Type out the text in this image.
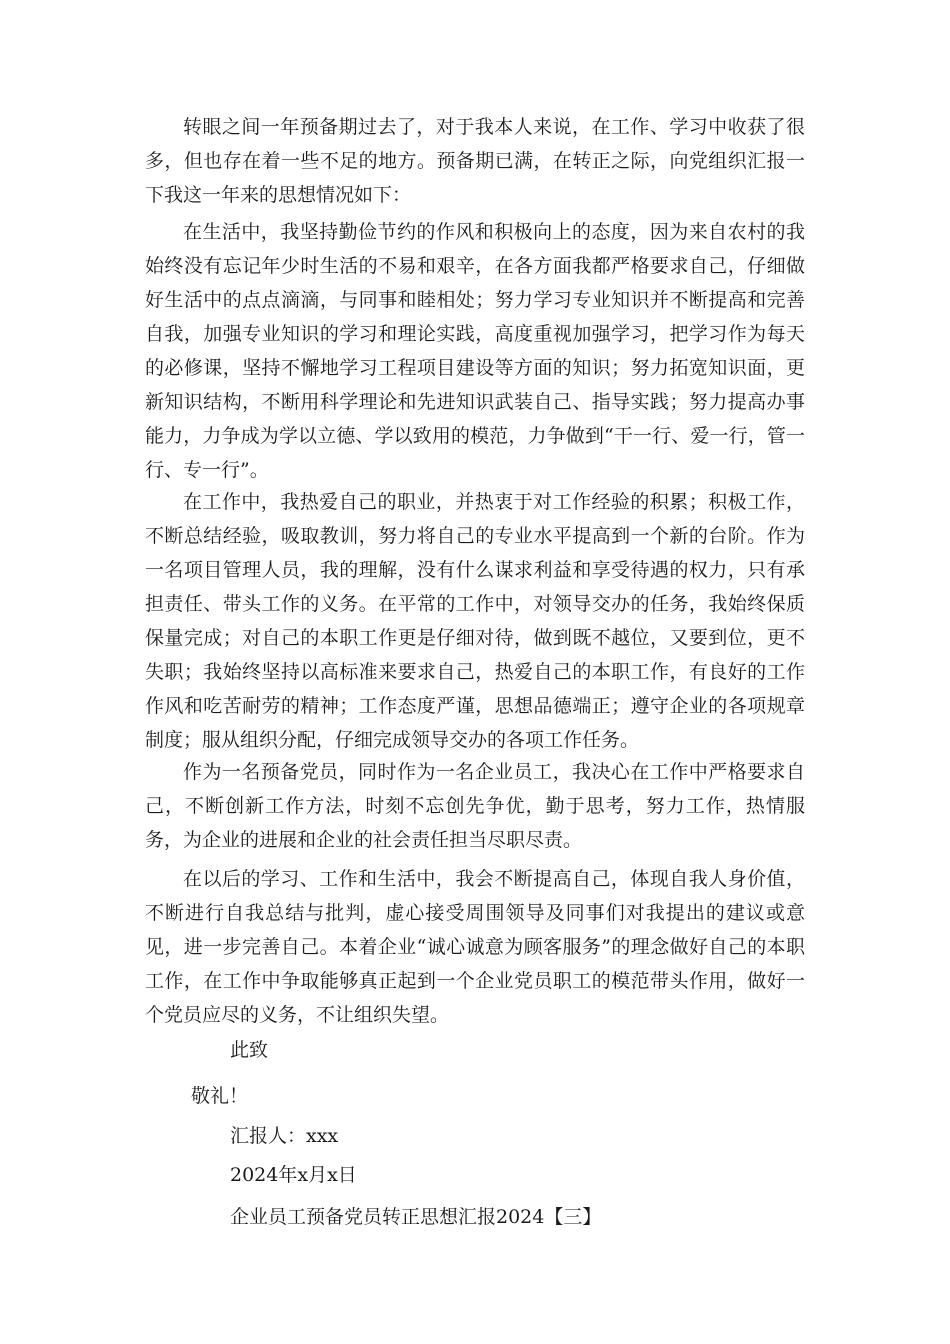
转眼之间一年预备期过去了，对于我本人来说，在工作、学习中收获了很多，但也存在着一些不足的地方。预备期已满，在转正之际，向党组织汇报一下我这一年来的思想情况如下：

在生活中，我坚持勤俭节约的作风和积极向上的态度，因为来自农村的我始终没有忘记年少时生活的不易和艰辛，在各方面我都严格要求自己，仔细做好生活中的点点滴滴，与同事和睦相处；努力学习专业知识并不断提高和完善自我，加强专业知识的学习和理论实践，高度重视加强学习，把学习作为每天的必修课，坚持不懈地学习工程项目建设等方面的知识；努力拓宽知识面，更新知识结构，不断用科学理论和先进知识武装自己、指导实践；努力提高办事能力，力争成为学以立德、学以致用的模范，力争做到“干一行、爱一行，管一行、专一行”。

在工作中，我热爱自己的职业，并热衷于对工作经验的积累；积极工作，不断总结经验，吸取教训，努力将自己的专业水平提高到一个新的台阶。作为一名项目管理人员，我的理解，没有什么谋求利益和享受待遇的权力，只有承担责任、带头工作的义务。在平常的工作中，对领导交办的任务，我始终保质保量完成；对自己的本职工作更是仔细对待，做到既不越位，又要到位，更不失职；我始终坚持以高标准来要求自己，热爱自己的本职工作，有良好的工作作风和吃苦耐劳的精神；工作态度严谨，思想品德端正；遵守企业的各项规章制度；服从组织分配，仔细完成领导交办的各项工作任务。

作为一名预备党员，同时作为一名企业员工，我决心在工作中严格要求自己，不断创新工作方法，时刻不忘创先争优，勤于思考，努力工作，热情服务，为企业的进展和企业的社会责任担当尽职尽责。

在以后的学习、工作和生活中，我会不断提高自己，体现自我人身价值，不断进行自我总结与批判，虚心接受周围领导及同事们对我提出的建议或意见，进一步完善自己。本着企业“诚心诚意为顾客服务”的理念做好自己的本职工作，在工作中争取能够真正起到一个企业党员职工的模范带头作用，做好一个党员应尽的义务，不让组织失望。

此致

敬礼！

汇报人：xxx

2024年x月x日

企业员工预备党员转正思想汇报2024【三】
